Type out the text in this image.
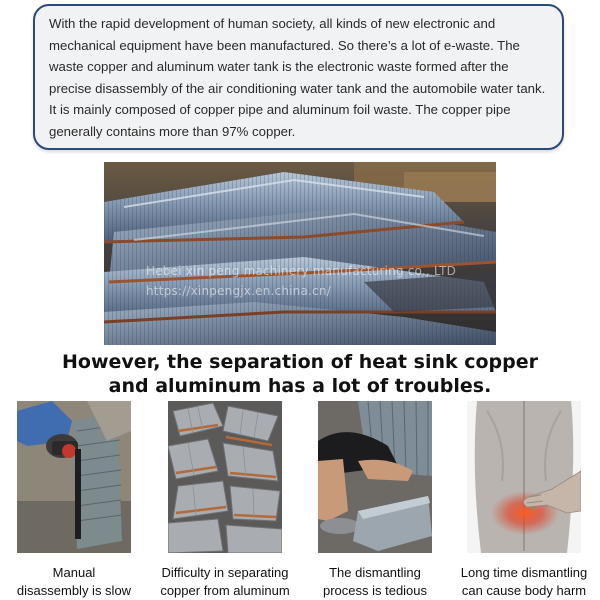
With the rapid development of human society, all kinds of new electronic and mechanical equipment have been manufactured. So there’s a lot of e-waste. The waste copper and aluminum water tank is the electronic waste formed after the precise disassembly of the air conditioning water tank and the automobile water tank. It is mainly composed of copper pipe and aluminum foil waste. The copper pipe generally contains more than 97% copper.

Hebei xin peng machinery manufacturing co., LTD
https://xinpengjx.en.china.cn/
However, the separation of heat sink copper
and aluminum has a lot of troubles.
Manual
disassembly is slow
Difficulty in separating
copper from aluminum
The dismantling
process is tedious
Long time dismantling
can cause body harm
